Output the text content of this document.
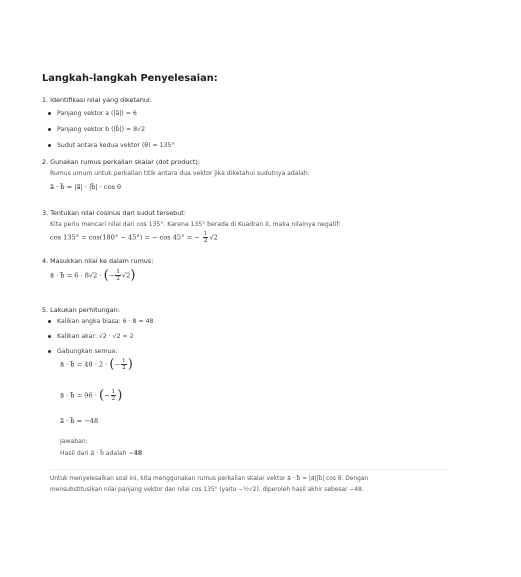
Langkah-langkah Penyelesaian:
1. Identifikasi nilai yang diketahui:
Panjang vektor a (|a⃗|) = 6
Panjang vektor b (|b⃗|) = 8√2
Sudut antara kedua vektor (θ) = 135°
2. Gunakan rumus perkalian skalar (dot product):
Rumus umum untuk perkalian titik antara dua vektor jika diketahui sudutnya adalah:
a⃗ · b⃗ = |a⃗| · |b⃗| · cos θ
3. Tentukan nilai cosinus dari sudut tersebut:
Kita perlu mencari nilai dari cos 135°. Karena 135° berada di Kuadran II, maka nilainya negatif:
cos 135° = cos(180° − 45°) = − cos 45° = − $\frac{1}{2} √2$
4. Masukkan nilai ke dalam rumus:
a⃗ · b⃗ = 6 · 8√2 · (− $\frac{1}{2} √2$)
5. Lakukan perhitungan:
Kalikan angka biasa: 6 · 8 = 48
Kalikan akar: √2 · √2 = 2
Gabungkan semua:
a⃗ · b⃗ = 48 · 2 · (− $\frac{1}{2}$ )
a⃗ · b⃗ = 96 · (− $\frac{1}{2}$ )
a⃗ · b⃗ = −48
Jawaban:
Hasil dari a⃗ · b⃗ adalah −48
Untuk menyelesaikan soal ini, kita menggunakan rumus perkalian skalar vektor a⃗ · b⃗ = |a⃗||b⃗| cos θ. Dengan
mensubstitusikan nilai panjang vektor dan nilai cos 135° (yaitu −½√2), diperoleh hasil akhir sebesar −48.
